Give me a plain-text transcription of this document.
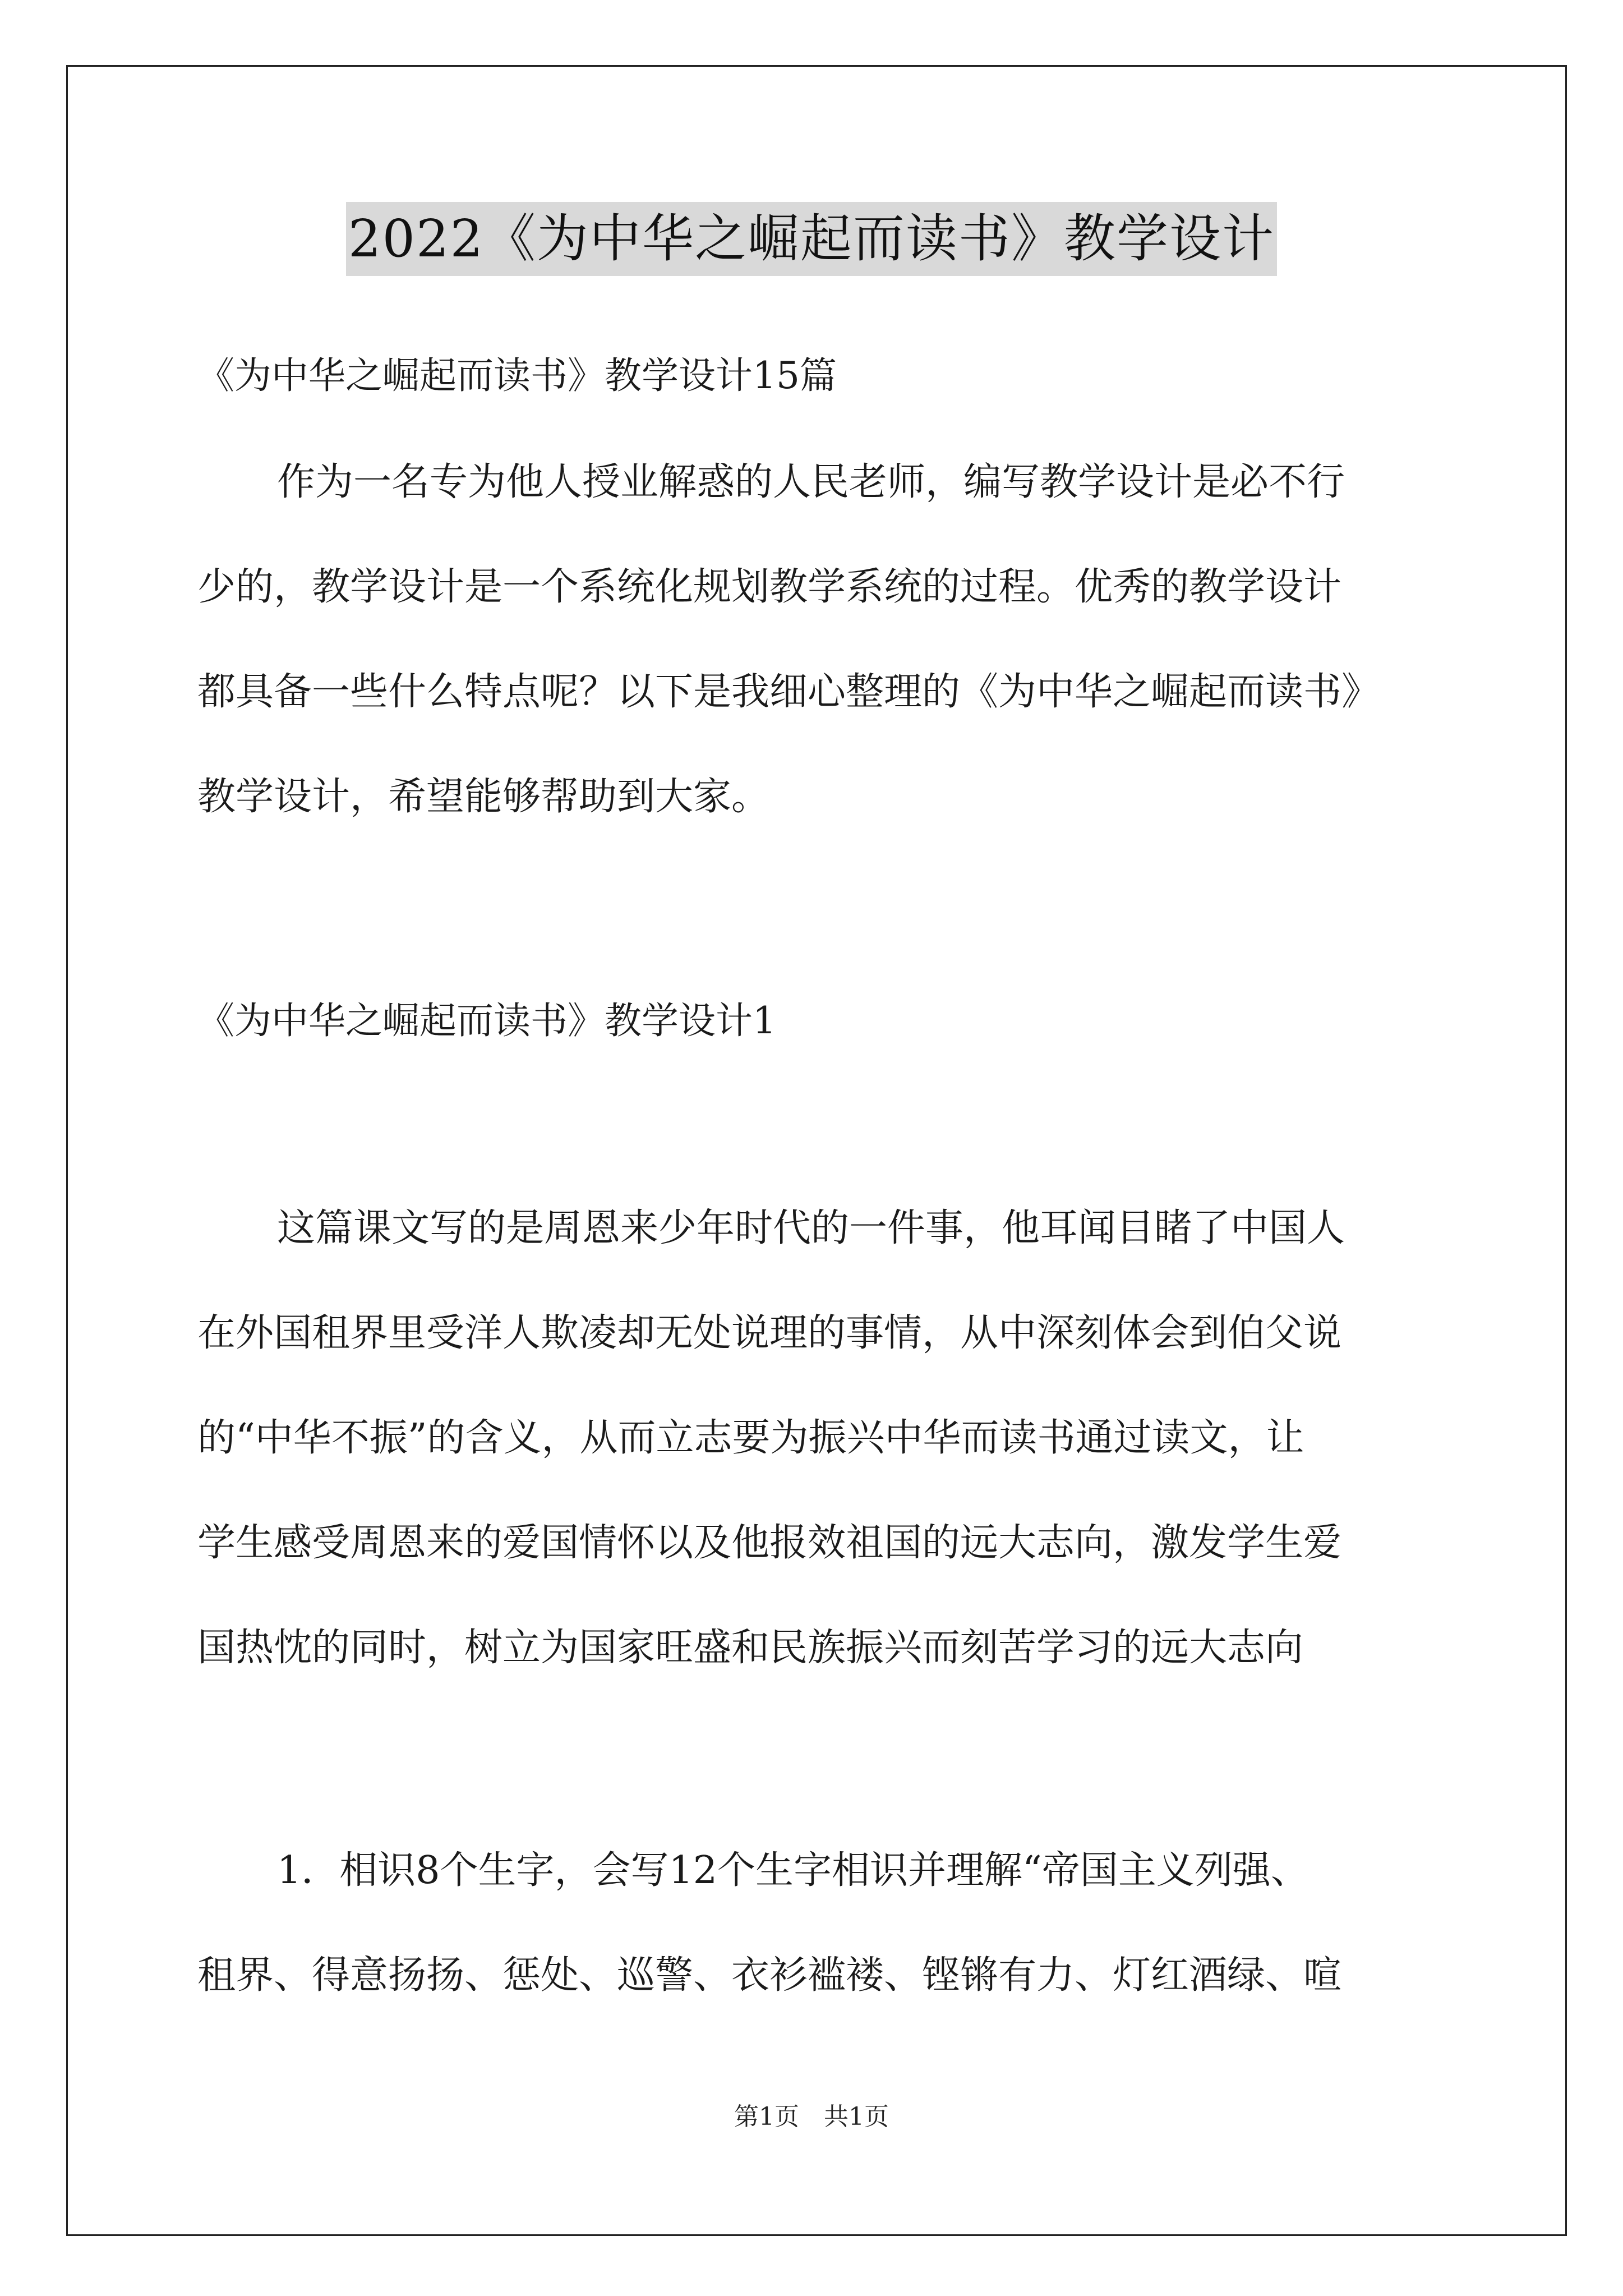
2022《为中华之崛起而读书》教学设计
《为中华之崛起而读书》教学设计15篇
作为一名专为他人授业解惑的人民老师，编写教学设计是必不行
少的，教学设计是一个系统化规划教学系统的过程。优秀的教学设计
都具备一些什么特点呢？以下是我细心整理的《为中华之崛起而读书》
教学设计，希望能够帮助到大家。
《为中华之崛起而读书》教学设计1
这篇课文写的是周恩来少年时代的一件事，他耳闻目睹了中国人
在外国租界里受洋人欺凌却无处说理的事情，从中深刻体会到伯父说
的“中华不振”的含义，从而立志要为振兴中华而读书通过读文，让
学生感受周恩来的爱国情怀以及他报效祖国的远大志向，激发学生爱
国热忱的同时，树立为国家旺盛和民族振兴而刻苦学习的远大志向
1．相识8个生字，会写12个生字相识并理解“帝国主义列强、
租界、得意扬扬、惩处、巡警、衣衫褴褛、铿锵有力、灯红酒绿、喧
第1页 共1页
